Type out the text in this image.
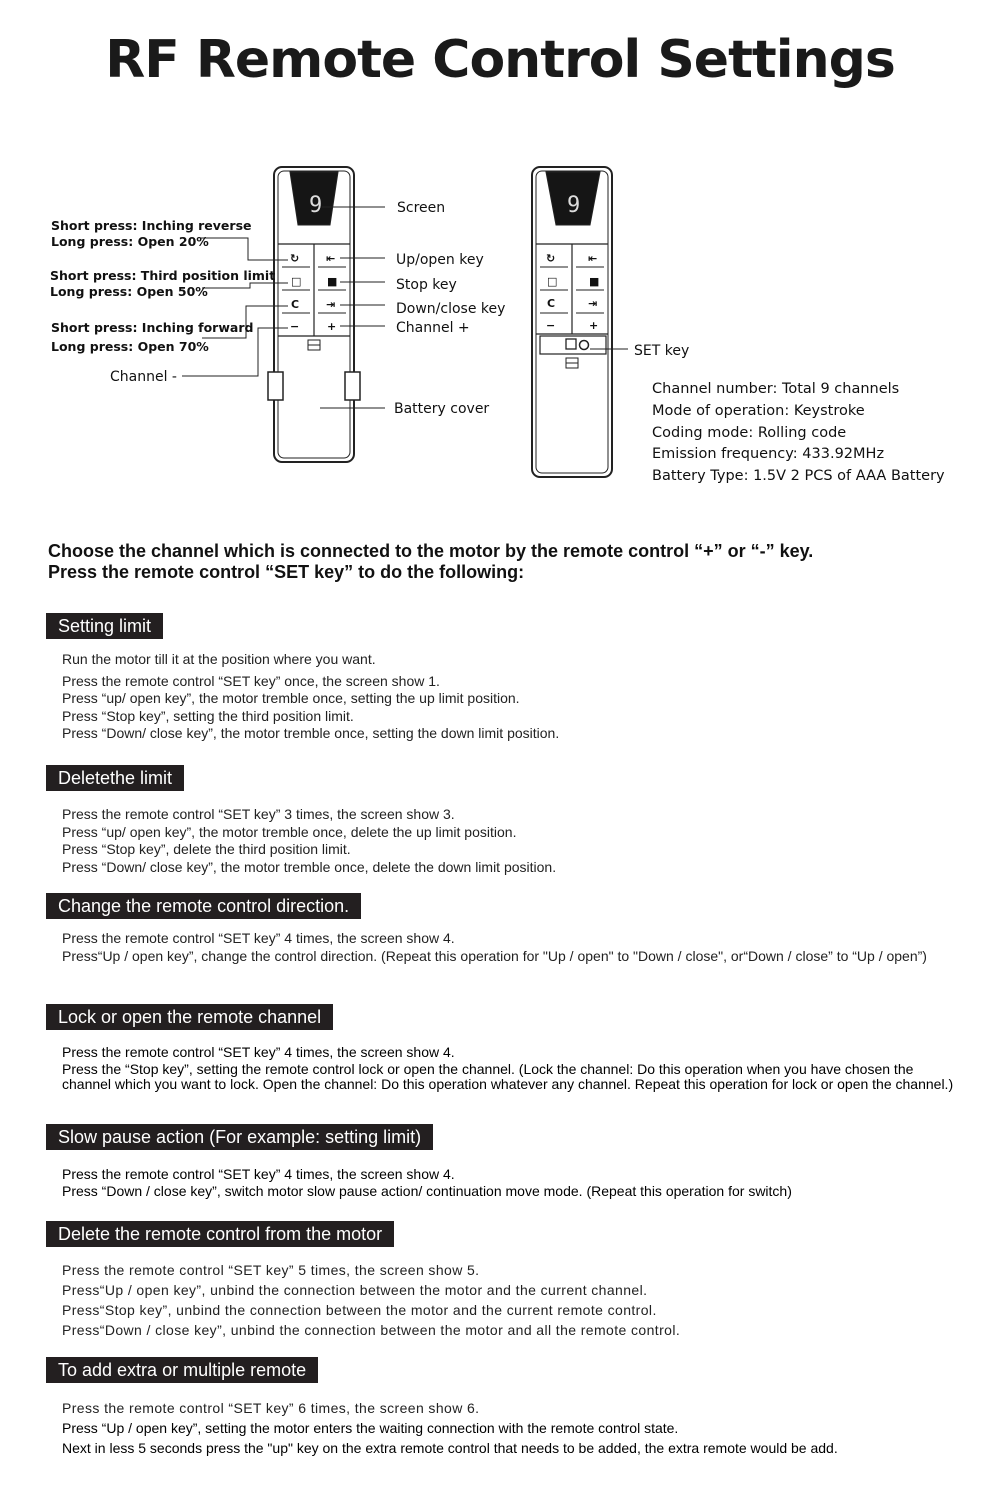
RF Remote Control Settings
9
↻ ⇤
□ ■
C ⇥
−	+
Short press: Inching reverse
Long press: Open 20%
Short press: Third position limit
Long press: Open 50%
Short press: Inching forward
Long press: Open 70%
Channel -
Screen
Up/open key
Stop key
Down/close key
Channel +
Battery cover
9
↻	⇤
□	■
C	⇥
−	+
SET key
Channel number: Total 9 channels
Mode of operation: Keystroke
Coding mode: Rolling code
Emission frequency: 433.92MHz
Battery Type: 1.5V 2 PCS of AAA Battery
Choose the channel which is connected to the motor by the remote control “+” or “-” key.
Press the remote control “SET key” to do the following:
Setting limit
Run the motor till it at the position where you want.
Press the remote control “SET key” once, the screen show 1.
Press “up/ open key”, the motor tremble once, setting the up limit position.
Press “Stop key”, setting the third position limit.
Press “Down/ close key”, the motor tremble once, setting the down limit position.
Deletethe limit
Press the remote control “SET key” 3 times, the screen show 3.
Press “up/ open key”, the motor tremble once, delete the up limit position.
Press “Stop key”, delete the third position limit.
Press “Down/ close key”, the motor tremble once, delete the down limit position.
Change the remote control direction.
Press the remote control “SET key” 4 times, the screen show 4.
Press“Up / open key”, change the control direction. (Repeat this operation for "Up / open" to "Down / close", or“Down / close” to “Up / open”)
Lock or open the remote channel
Press the remote control “SET key” 4 times, the screen show 4.
Press the “Stop key”, setting the remote control lock or open the channel. (Lock the channel: Do this operation when you have chosen the channel which you want to lock. Open the channel: Do this operation whatever any channel. Repeat this operation for lock or open the channel.)
Slow pause action (For example: setting limit)
Press the remote control “SET key” 4 times, the screen show 4.
Press “Down / close key”, switch motor slow pause action/ continuation move mode. (Repeat this operation for switch)
Delete the remote control from the motor
Press the remote control “SET key” 5 times, the screen show 5.
Press“Up / open key”, unbind the connection between the motor and the current channel.
Press“Stop key”, unbind the connection between the motor and the current remote control.
Press“Down / close key”, unbind the connection between the motor and all the remote control.
To add extra or multiple remote
Press the remote control “SET key” 6 times, the screen show 6.
Press “Up / open key”, setting the motor enters the waiting connection with the remote control state.
Next in less 5 seconds press the "up" key on the extra remote control that needs to be added, the extra remote would be add.
